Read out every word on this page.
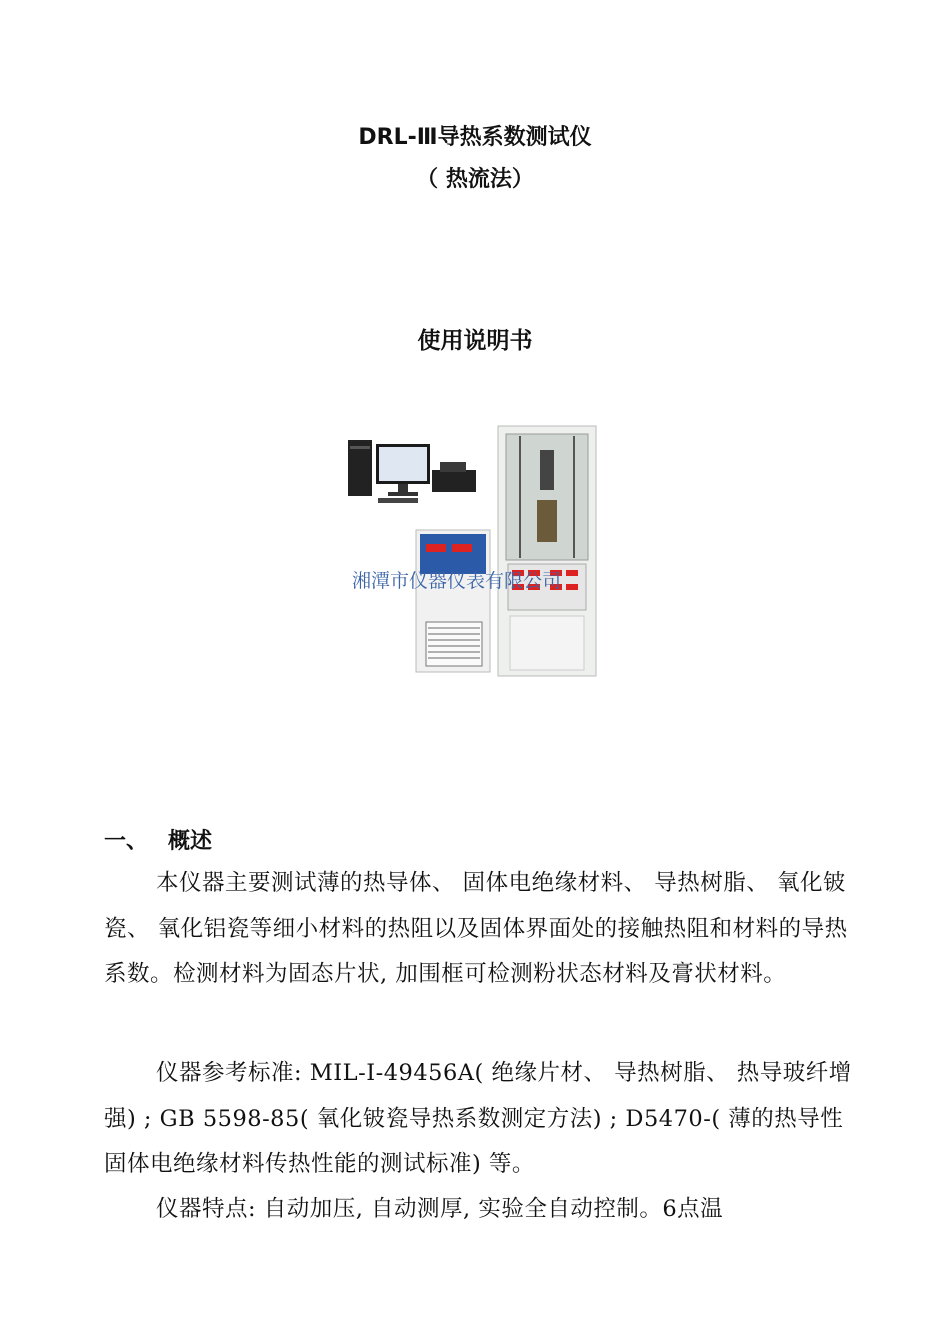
DRL-Ⅲ导热系数测试仪
（ 热流法）
使用说明书
湘潭市仪器仪表有限公司
一、 概述
本仪器主要测试薄的热导体、 固体电绝缘材料、 导热树脂、 氧化铍瓷、 氧化铝瓷等细小材料的热阻以及固体界面处的接触热阻和材料的导热系数。检测材料为固态片状, 加围框可检测粉状态材料及膏状材料。
仪器参考标准: MIL-I-49456A( 绝缘片材、 导热树脂、 热导玻纤增强) ; GB 5598-85( 氧化铍瓷导热系数测定方法) ; D5470-( 薄的热导性固体电绝缘材料传热性能的测试标准) 等。
仪器特点: 自动加压, 自动测厚, 实验全自动控制。6点温
